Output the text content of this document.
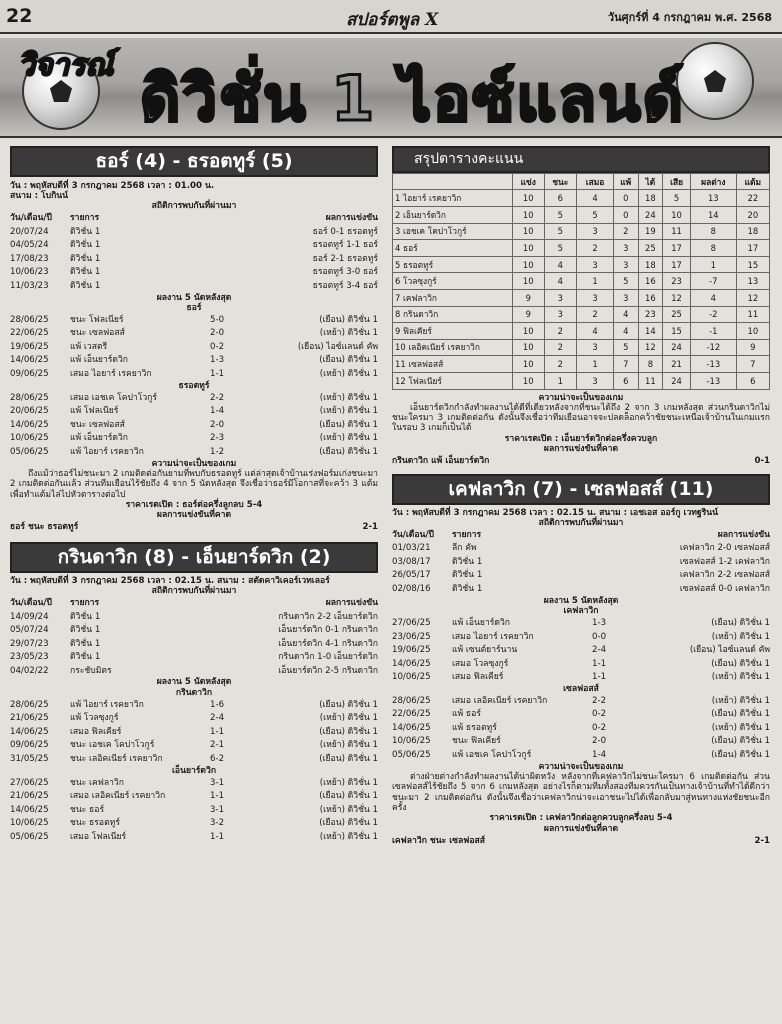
22	สปอร์ตพูล X	วันศุกร์ที่ 4 กรกฎาคม พ.ศ. 2568
วิจารณ์ ดิวิชั่น 1 ไอซ์แลนด์
ธอร์ (4) - ธรอตทูร์ (5)
วัน : พฤหัสบดีที่ 3 กรกฎาคม 2568 เวลา : 01.00 น.
สนาม : โบกินน์
สถิติการพบกันที่ผ่านมา
วัน/เดือน/ปี	รายการ	ผลการแข่งขัน
20/07/24	ดิวิชั่น 1	ธอร์ 0-1 ธรอตทูร์
04/05/24	ดิวิชั่น 1	ธรอตทูร์ 1-1 ธอร์
17/08/23	ดิวิชั่น 1	ธอร์ 2-1 ธรอตทูร์
10/06/23	ดิวิชั่น 1	ธรอตทูร์ 3-0 ธอร์
11/03/23	ดิวิชั่น 1	ธรอตทูร์ 3-4 ธอร์
ผลงาน 5 นัดหลังสุด
ธอร์
28/06/25	ชนะ โฟลเนียร์	5-0	(เยือน) ดิวิชั่น 1
22/06/25	ชนะ เซลฟอสส์	2-0	(เหย้า) ดิวิชั่น 1
19/06/25	แพ้ เวสตรี	0-2	(เยือน) ไอซ์แลนด์ คัพ
14/06/25	แพ้ เอ็นยาร์ดวิก	1-3	(เยือน) ดิวิชั่น 1
09/06/25	เสมอ ไอยาร์ เรคยาวิก	1-1	(เหย้า) ดิวิชั่น 1
ธรอตทูร์
28/06/25	เสมอ เอชเค โคปาโวกูร์	2-2	(เหย้า) ดิวิชั่น 1
20/06/25	แพ้ โฟลเนียร์	1-4	(เหย้า) ดิวิชั่น 1
14/06/25	ชนะ เซลฟอสส์	2-0	(เยือน) ดิวิชั่น 1
10/06/25	แพ้ เอ็นยาร์ดวิก	2-3	(เหย้า) ดิวิชั่น 1
05/06/25	แพ้ ไอยาร์ เรคยาวิก	1-2	(เยือน) ดิวิชั่น 1
ความน่าจะเป็นของเกม
ถึงแม้ว่าธอร์ไม่ชนะมา 2 เกมติดต่อกันยามที่พบกับธรอตทูร์ แต่ล่าสุดเจ้าบ้านเร่งฟอร์มเก่งชนะมา 2 เกมติดต่อกันแล้ว ส่วนทีมเยือนไร้ชัยถึง 4 จาก 5 นัดหลังสุด จึงเชื่อว่าธอร์มีโอกาสที่จะคว้า 3 แต้มเพื่อทำแต้มไล่ไปหัวตารางต่อไป
ราคาเรตเปิด : ธอร์ต่อครึ่งลูกลบ 5-4
ผลการแข่งขันที่คาด
ธอร์ ชนะ ธรอตทูร์	2-1
กรินดาวิก (8) - เอ็นยาร์ดวิก (2)
วัน : พฤหัสบดีที่ 3 กรกฎาคม 2568 เวลา : 02.15 น. สนาม : สตัดคาวิเคอร์เวทเลอร์
สถิติการพบกันที่ผ่านมา
วัน/เดือน/ปี	รายการ	ผลการแข่งขัน
14/09/24	ดิวิชั่น 1	กรินดาวิก 2-2 เอ็นยาร์ดวิก
05/07/24	ดิวิชั่น 1	เอ็นยาร์ดวิก 0-1 กรินดาวิก
29/07/23	ดิวิชั่น 1	เอ็นยาร์ดวิก 4-1 กรินดาวิก
23/05/23	ดิวิชั่น 1	กรินดาวิก 1-0 เอ็นยาร์ดวิก
04/02/22	กระชับมิตร	เอ็นยาร์ดวิก 2-5 กรินดาวิก
ผลงาน 5 นัดหลังสุด
กรินดาวิก
28/06/25	แพ้ ไอยาร์ เรคยาวิก	1-6	(เยือน) ดิวิชั่น 1
21/06/25	แพ้ โวลซุงกูร์	2-4	(เหย้า) ดิวิชั่น 1
14/06/25	เสมอ ฟิลเคียร์	1-1	(เยือน) ดิวิชั่น 1
09/06/25	ชนะ เอชเค โคปาโวกูร์	2-1	(เหย้า) ดิวิชั่น 1
31/05/25	ชนะ เลอิคเนียร์ เรคยาวิก	6-2	(เยือน) ดิวิชั่น 1
เอ็นยาร์ดวิก
27/06/25	ชนะ เคฟลาวิก	3-1	(เหย้า) ดิวิชั่น 1
21/06/25	เสมอ เลอิคเนียร์ เรคยาวิก	1-1	(เยือน) ดิวิชั่น 1
14/06/25	ชนะ ธอร์	3-1	(เหย้า) ดิวิชั่น 1
10/06/25	ชนะ ธรอตทูร์	3-2	(เยือน) ดิวิชั่น 1
05/06/25	เสมอ โฟลเนียร์	1-1	(เหย้า) ดิวิชั่น 1
สรุปตารางคะแนน
	แข่ง	ชนะ	เสมอ	แพ้	ได้	เสีย	ผลต่าง	แต้ม
1 ไอยาร์ เรคยาวิก	10	6	4	0	18	5	13	22
2 เอ็นยาร์ดวิก	10	5	5	0	24	10	14	20
3 เอชเค โคปาโวกูร์	10	5	3	2	19	11	8	18
4 ธอร์	10	5	2	3	25	17	8	17
5 ธรอตทูร์	10	4	3	3	18	17	1	15
6 โวลซุงกูร์	10	4	1	5	16	23	-7	13
7 เคฟลาวิก	9	3	3	3	16	12	4	12
8 กรินดาวิก	9	3	2	4	23	25	-2	11
9 ฟิลเคียร์	10	2	4	4	14	15	-1	10
10 เลอิคเนียร์ เรคยาวิก	10	2	3	5	12	24	-12	9
11 เซลฟอสส์	10	2	1	7	8	21	-13	7
12 โฟลเนียร์	10	1	3	6	11	24	-13	6
ความน่าจะเป็นของเกม
เอ็นยาร์ดวิกกำลังทำผลงานได้ดีที่เดียวหลังจากที่ชนะได้ถึง 2 จาก 3 เกมหลังสุด ส่วนกรินดาวิกไม่ชนะใครมา 3 เกมติดต่อกัน ดังนั้นจึงเชื่อว่าทีมเยือนอาจจะปลดล็อกคว้าชัยชนะเหนือเจ้าบ้านในเกมแรกในรอบ 3 เกมก็เป็นได้
ราคาเรตเปิด : เอ็นยาร์ดวิกต่อครึ่งควบลูก
ผลการแข่งขันที่คาด
กรินดาวิก แพ้ เอ็นยาร์ดวิก	0-1
เคฟลาวิก (7) - เซลฟอสส์ (11)
วัน : พฤหัสบดีที่ 3 กรกฎาคม 2568 เวลา : 02.15 น. สนาม : เอชเอส ออร์กู เวทฐรินน์
สถิติการพบกันที่ผ่านมา
วัน/เดือน/ปี	รายการ	ผลการแข่งขัน
01/03/21	ลีก คัพ	เคฟลาวิก 2-0 เซลฟอสส์
03/08/17	ดิวิชั่น 1	เซลฟอสส์ 1-2 เคฟลาวิก
26/05/17	ดิวิชั่น 1	เคฟลาวิก 2-2 เซลฟอสส์
02/08/16	ดิวิชั่น 1	เซลฟอสส์ 0-0 เคฟลาวิก
ผลงาน 5 นัดหลังสุด
เคฟลาวิก
27/06/25	แพ้ เอ็นยาร์ดวิก	1-3	(เยือน) ดิวิชั่น 1
23/06/25	เสมอ ไอยาร์ เรคยาวิก	0-0	(เหย้า) ดิวิชั่น 1
19/06/25	แพ้ เซนต์ยาร์นาน	2-4	(เยือน) ไอซ์แลนด์ คัพ
14/06/25	เสมอ โวลซุงกูร์	1-1	(เยือน) ดิวิชั่น 1
10/06/25	เสมอ ฟิลเคียร์	1-1	(เหย้า) ดิวิชั่น 1
เซลฟอสส์
28/06/25	เสมอ เลอิคเนียร์ เรคยาวิก	2-2	(เหย้า) ดิวิชั่น 1
22/06/25	แพ้ ธอร์	0-2	(เยือน) ดิวิชั่น 1
14/06/25	แพ้ ธรอตทูร์	0-2	(เหย้า) ดิวิชั่น 1
10/06/25	ชนะ ฟิลเคียร์	2-0	(เยือน) ดิวิชั่น 1
05/06/25	แพ้ เอชเค โคปาโวกูร์	1-4	(เยือน) ดิวิชั่น 1
ความน่าจะเป็นของเกม
ต่างฝ่ายต่างกำลังทำผลงานได้น่าผิดหวัง หลังจากที่เคฟลาวิกไม่ชนะใครมา 6 เกมติดต่อกัน ส่วนเซลฟอสส์ไร้ชัยถึง 5 จาก 6 เกมหลังสุด อย่างไรก็ตามทีมทั้งสองทีมควรกันเป็นทางเจ้าบ้านที่ทำได้ดีกว่าชนะมา 2 เกมติดต่อกัน ดังนั้นจึงเชื่อว่าเคฟลาวิกน่าจะเอาชนะไปได้เพื่อกลับมาสู่หนทางแห่งชัยชนะอีกครั้ง
ราคาเรตเปิด : เคฟลาวิกต่อลูกควบลูกครึ่งลบ 5-4
ผลการแข่งขันที่คาด
เคฟลาวิก ชนะ เซลฟอสส์	2-1
